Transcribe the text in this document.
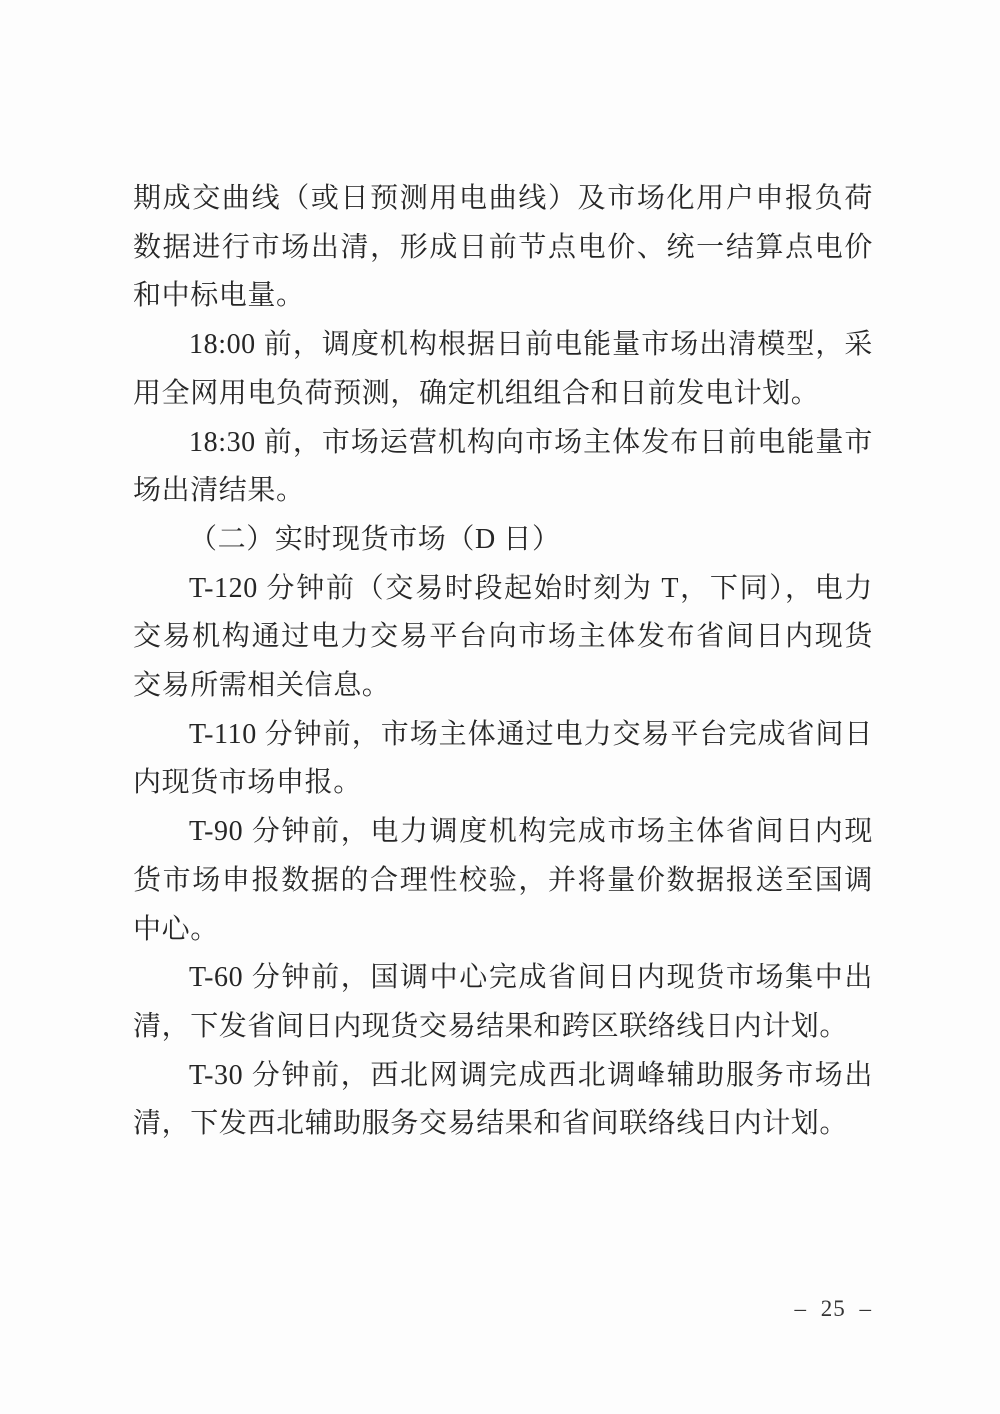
期成交曲线（或日预测用电曲线）及市场化用户申报负荷数据进行市场出清，形成日前节点电价、统一结算点电价和中标电量。

18:00 前，调度机构根据日前电能量市场出清模型，采用全网用电负荷预测，确定机组组合和日前发电计划。

18:30 前，市场运营机构向市场主体发布日前电能量市场出清结果。

（二）实时现货市场（D 日）

T-120 分钟前（交易时段起始时刻为 T，下同），电力交易机构通过电力交易平台向市场主体发布省间日内现货交易所需相关信息。

T-110 分钟前，市场主体通过电力交易平台完成省间日内现货市场申报。

T-90 分钟前，电力调度机构完成市场主体省间日内现货市场申报数据的合理性校验，并将量价数据报送至国调中心。

T-60 分钟前，国调中心完成省间日内现货市场集中出清，下发省间日内现货交易结果和跨区联络线日内计划。

T-30 分钟前，西北网调完成西北调峰辅助服务市场出清，下发西北辅助服务交易结果和省间联络线日内计划。

– 25 –
